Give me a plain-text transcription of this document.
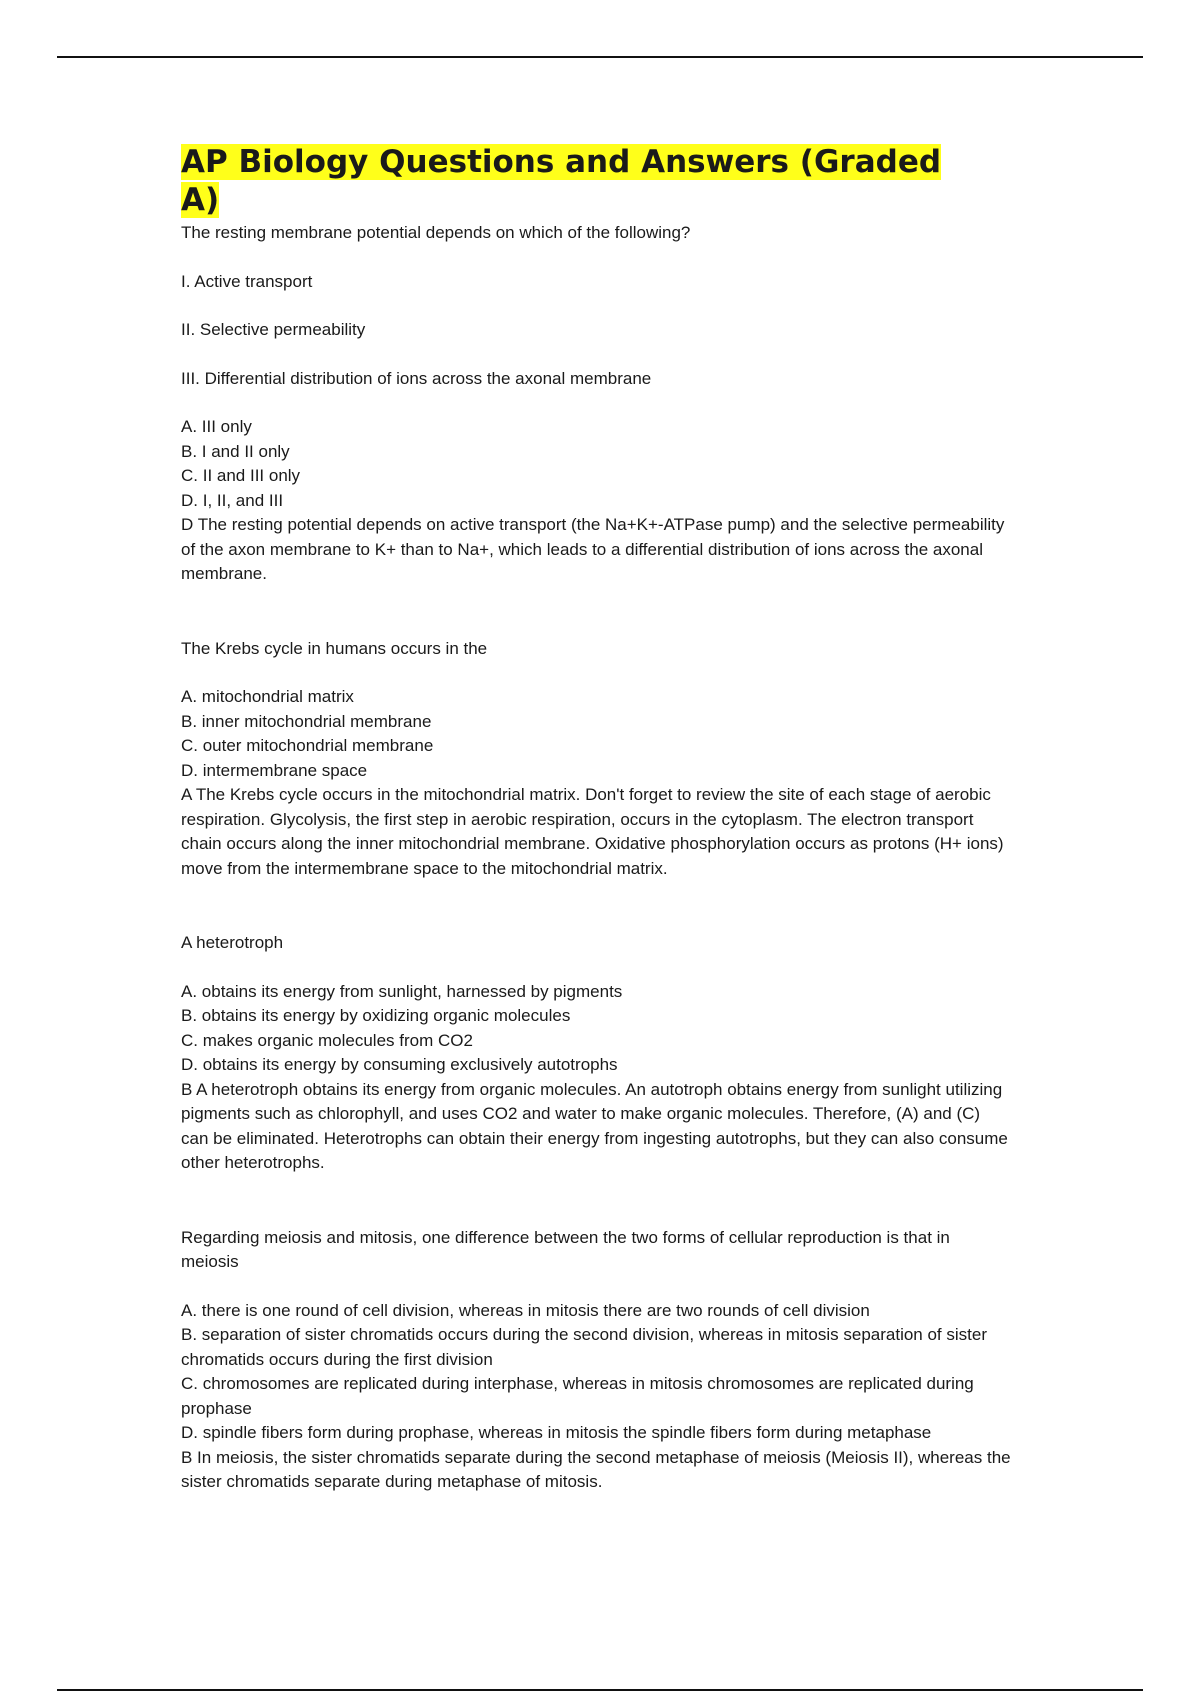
AP Biology Questions and Answers (Graded
A)

The resting membrane potential depends on which of the following?

I. Active transport

II. Selective permeability

III. Differential distribution of ions across the axonal membrane

A. III only

B. I and II only

C. II and III only

D. I, II, and III

D The resting potential depends on active transport (the Na+K+-ATPase pump) and the selective permeability of the axon membrane to K+ than to Na+, which leads to a differential distribution of ions across the axonal membrane.

The Krebs cycle in humans occurs in the

A. mitochondrial matrix

B. inner mitochondrial membrane

C. outer mitochondrial membrane

D. intermembrane space

A The Krebs cycle occurs in the mitochondrial matrix. Don't forget to review the site of each stage of aerobic respiration. Glycolysis, the first step in aerobic respiration, occurs in the cytoplasm. The electron transport chain occurs along the inner mitochondrial membrane. Oxidative phosphorylation occurs as protons (H+ ions) move from the intermembrane space to the mitochondrial matrix.

A heterotroph

A. obtains its energy from sunlight, harnessed by pigments

B. obtains its energy by oxidizing organic molecules

C. makes organic molecules from CO2

D. obtains its energy by consuming exclusively autotrophs

B A heterotroph obtains its energy from organic molecules. An autotroph obtains energy from sunlight utilizing pigments such as chlorophyll, and uses CO2 and water to make organic molecules. Therefore, (A) and (C) can be eliminated. Heterotrophs can obtain their energy from ingesting autotrophs, but they can also consume other heterotrophs.

Regarding meiosis and mitosis, one difference between the two forms of cellular reproduction is that in meiosis

A. there is one round of cell division, whereas in mitosis there are two rounds of cell division

B. separation of sister chromatids occurs during the second division, whereas in mitosis separation of sister chromatids occurs during the first division

C. chromosomes are replicated during interphase, whereas in mitosis chromosomes are replicated during prophase

D. spindle fibers form during prophase, whereas in mitosis the spindle fibers form during metaphase

B In meiosis, the sister chromatids separate during the second metaphase of meiosis (Meiosis II), whereas the sister chromatids separate during metaphase of mitosis.
